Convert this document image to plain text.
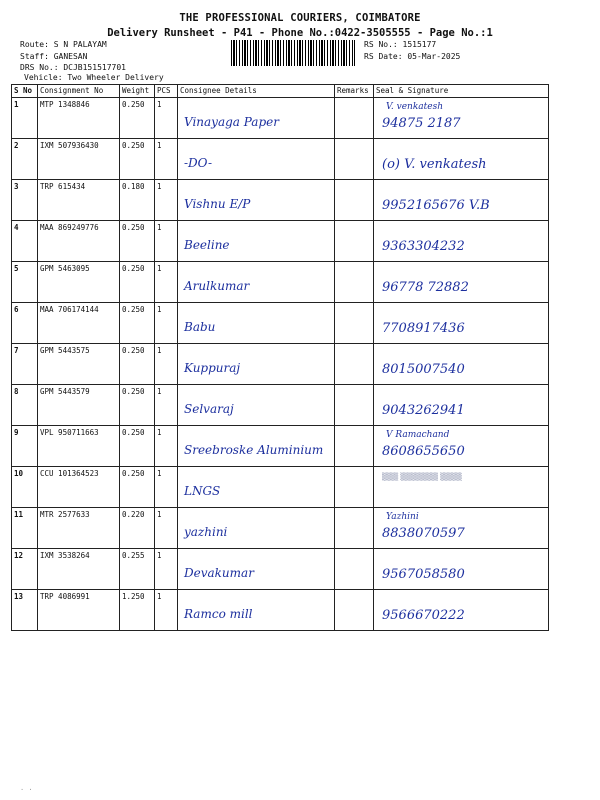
THE PROFESSIONAL COURIERS, COIMBATORE
Delivery Runsheet - P41 - Phone No.:0422-3505555 - Page No.:1
Route: S N PALAYAM
Staff: GANESAN
DRS No.: DCJB151517701
Vehicle: Two Wheeler Delivery
RS No.: 1515177
RS Date: 05-Mar-2025
S No	Consignment No	Weight	PCS	Consignee Details	Remarks	Seal & Signature
1	MTP 1348846	0.250	1	Vinayaga Paper		V. venkatesh
94875 2187

2	IXM 507936430	0.250	1	-DO-		(o) V. venkatesh

3	TRP 615434	0.180	1	Vishnu E/P		9952165676 V.B

4	MAA 869249776	0.250	1	Beeline		9363304232

5	GPM 5463095	0.250	1	Arulkumar		96778 72882

6	MAA 706174144	0.250	1	Babu		7708917436

7	GPM 5443575	0.250	1	Kuppuraj		8015007540

8	GPM 5443579	0.250	1	Selvaraj		9043262941

9	VPL 950711663	0.250	1	Sreebroske Aluminium		V Ramachand
8608655650

10	CCU 101364523	0.250	1	LNGS		▒▒▒ ▒▒▒▒▒▒▒ ▒▒▒▒

11	MTR 2577633	0.220	1	yazhini		Yazhini
8838070597

12	IXM 3538264	0.255	1	Devakumar		9567058580

13	TRP 4086991	1.250	1	Ramco mill		9566670222
· ·
